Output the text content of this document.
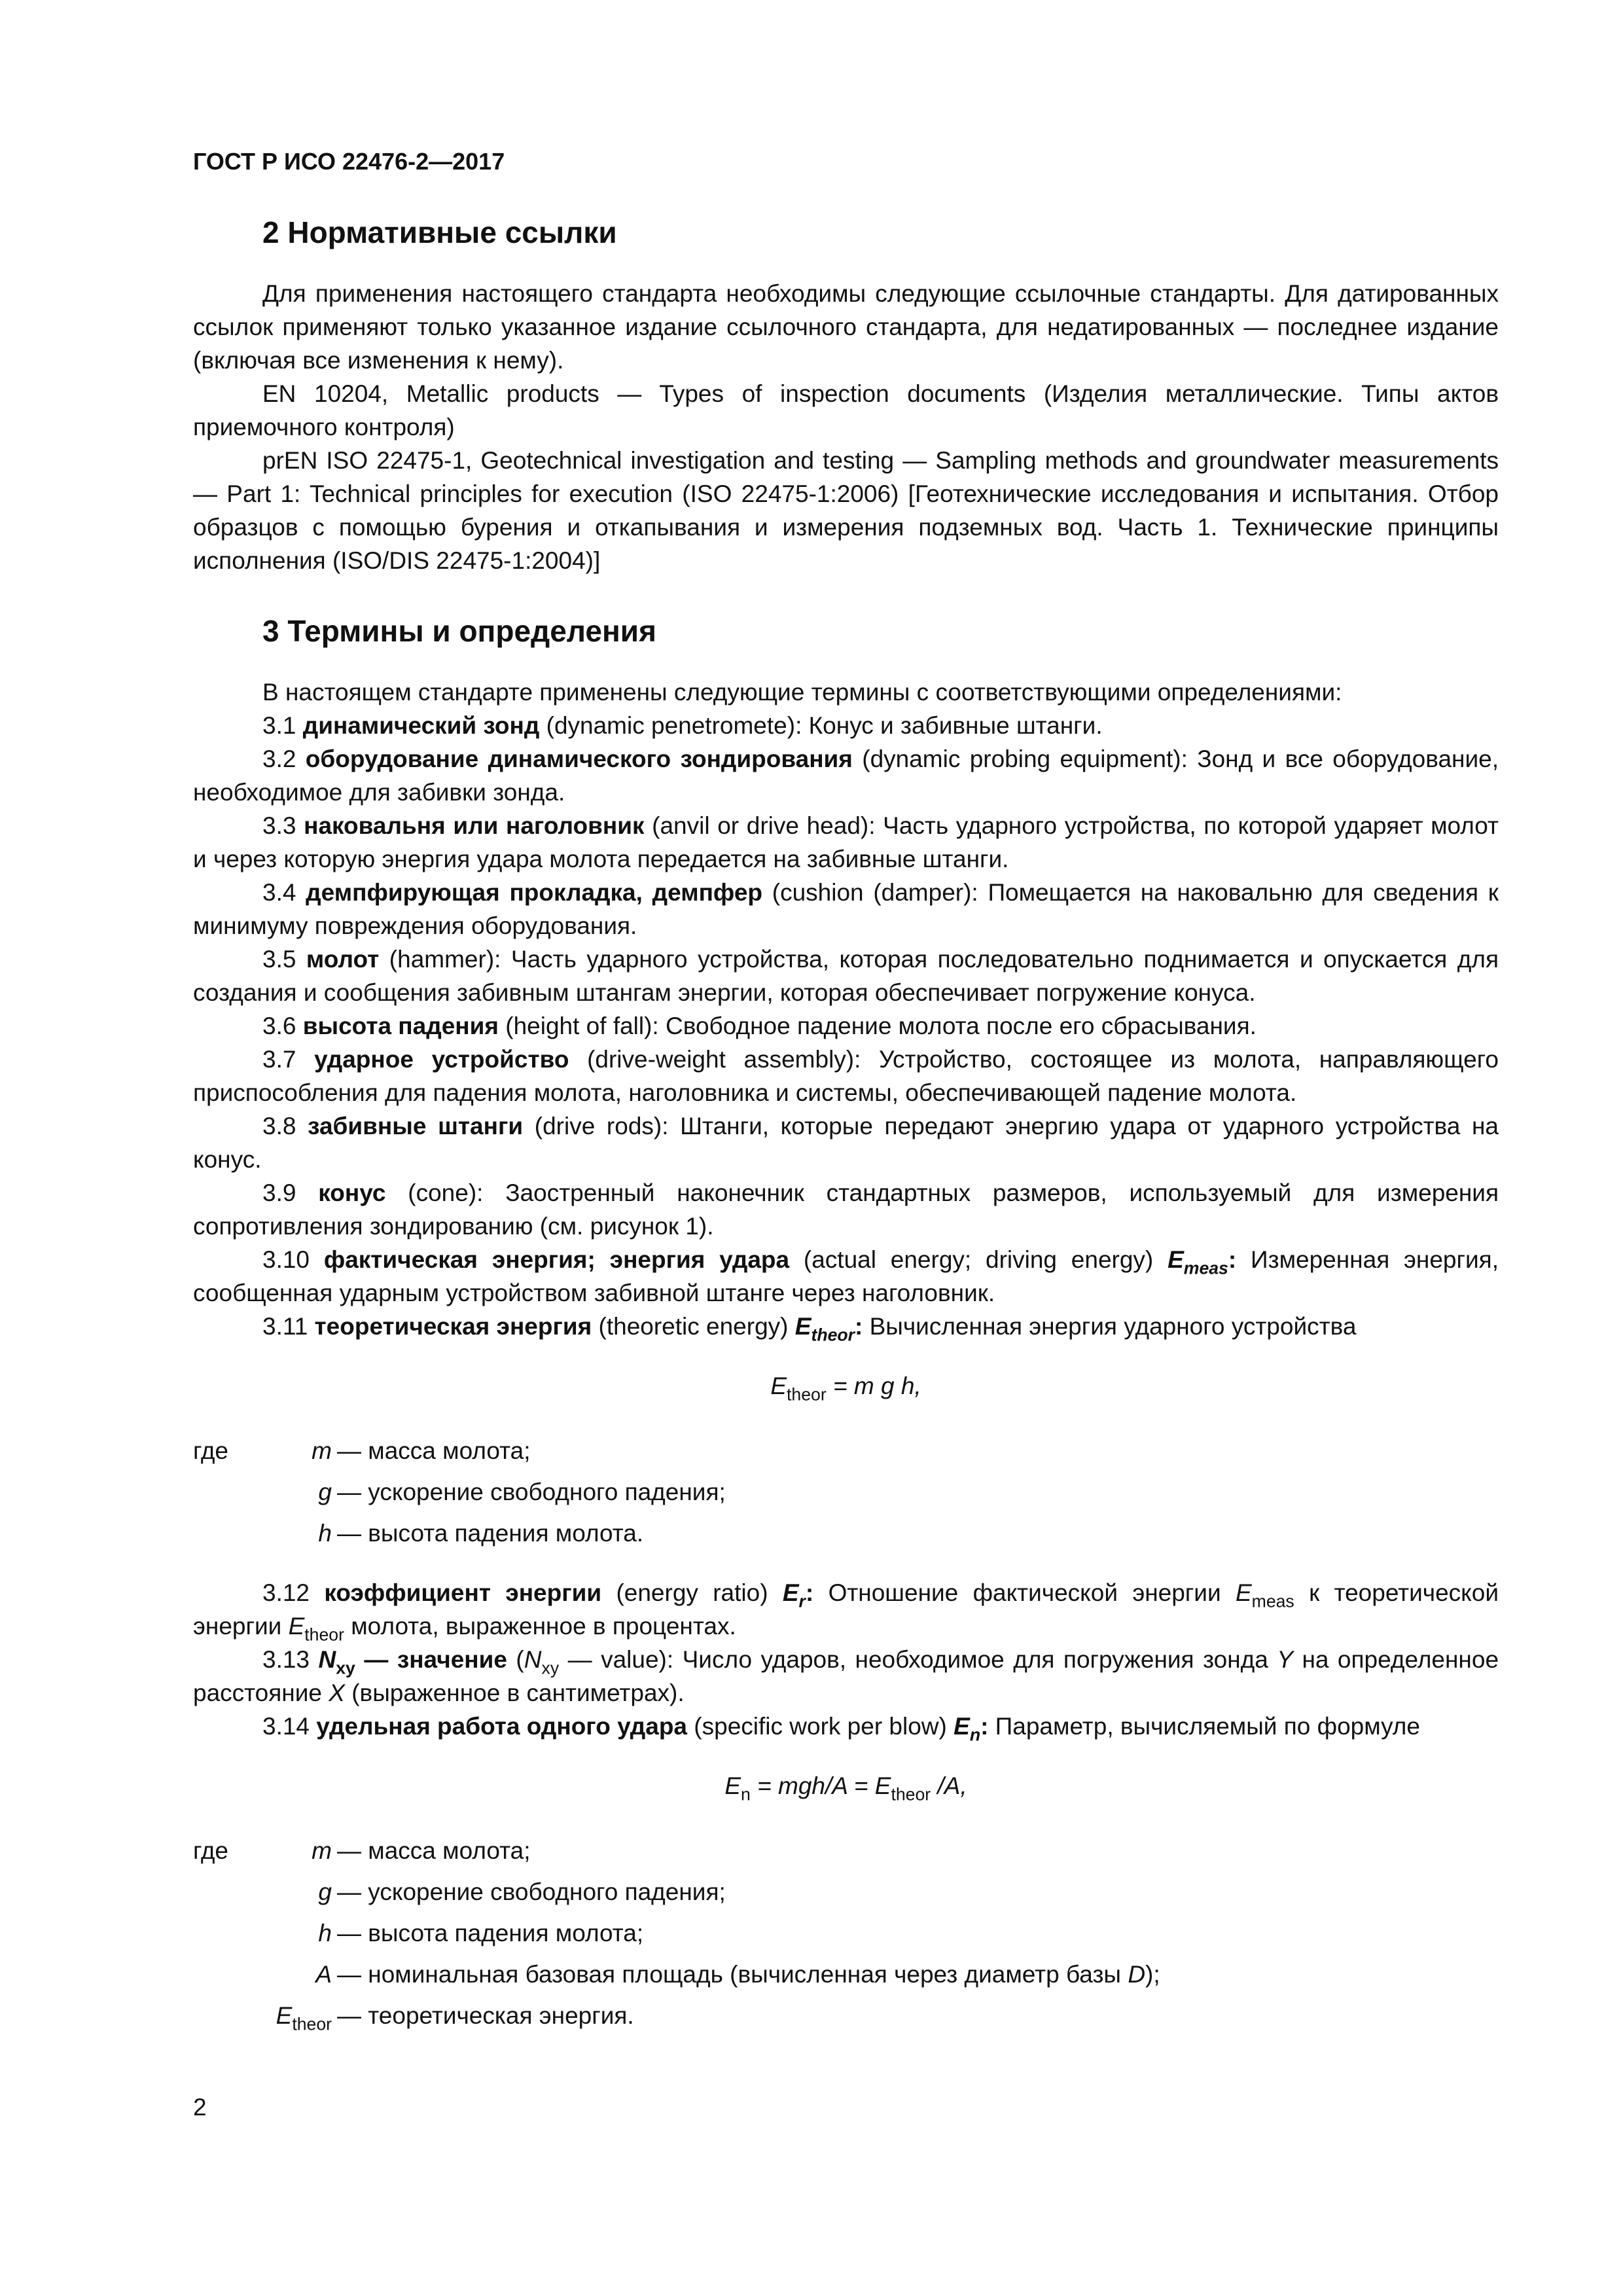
ГОСТ Р ИСО 22476-2—2017
2 Нормативные ссылки

Для применения настоящего стандарта необходимы следующие ссылочные стандарты. Для датированных ссылок применяют только указанное издание ссылочного стандарта, для недатированных — последнее издание (включая все изменения к нему).

EN 10204, Metallic products — Types of inspection documents (Изделия металлические. Типы актов приемочного контроля)

prEN ISO 22475-1, Geotechnical investigation and testing — Sampling methods and groundwater measurements — Part 1: Technical principles for execution (ISO 22475-1:2006) [Геотехнические исследования и испытания. Отбор образцов с помощью бурения и откапывания и измерения подземных вод. Часть 1. Технические принципы исполнения (ISO/DIS 22475-1:2004)]

3 Термины и определения

В настоящем стандарте применены следующие термины с соответствующими определениями:

3.1 динамический зонд (dynamic penetromete): Конус и забивные штанги.

3.2 оборудование динамического зондирования (dynamic probing equipment): Зонд и все оборудование, необходимое для забивки зонда.

3.3 наковальня или наголовник (anvil or drive head): Часть ударного устройства, по которой ударяет молот и через которую энергия удара молота передается на забивные штанги.

3.4 демпфирующая прокладка, демпфер (cushion (damper): Помещается на наковальню для сведения к минимуму повреждения оборудования.

3.5 молот (hammer): Часть ударного устройства, которая последовательно поднимается и опускается для создания и сообщения забивным штангам энергии, которая обеспечивает погружение конуса.

3.6 высота падения (height of fall): Свободное падение молота после его сбрасывания.

3.7 ударное устройство (drive-weight assembly): Устройство, состоящее из молота, направляющего приспособления для падения молота, наголовника и системы, обеспечивающей падение молота.

3.8 забивные штанги (drive rods): Штанги, которые передают энергию удара от ударного устройства на конус.

3.9 конус (cone): Заостренный наконечник стандартных размеров, используемый для измерения сопротивления зондированию (см. рисунок 1).

3.10 фактическая энергия; энергия удара (actual energy; driving energy) $E_{meas}$: Измеренная энергия, сообщенная ударным устройством забивной штанге через наголовник.

3.11 теоретическая энергия (theoretic energy) $E_{theor}$: Вычисленная энергия ударного устройства

$E_{theor} = m$ g h,
где	m — масса молота;
g — ускорение свободного падения;
h — высота падения молота.

3.12 коэффициент энергии (energy ratio) $E_r$: Отношение фактической энергии $E_{meas}$ к теоретической энергии $E_{theor}$ молота, выраженное в процентах.

3.13 $N_{xy}$ — значение ($N_{xy}$ — value): Число ударов, необходимое для погружения зонда Y на определенное расстояние X (выраженное в сантиметрах).

3.14 удельная работа одного удара (specific work per blow) $E_n$: Параметр, вычисляемый по формуле

$E_n = mgh/A = E_{theor}$ /A,
где	m — масса молота;
g — ускорение свободного падения;
h — высота падения молота;
A — номинальная базовая площадь (вычисленная через диаметр базы D);
$E_{theor}$ — теоретическая энергия.
2
